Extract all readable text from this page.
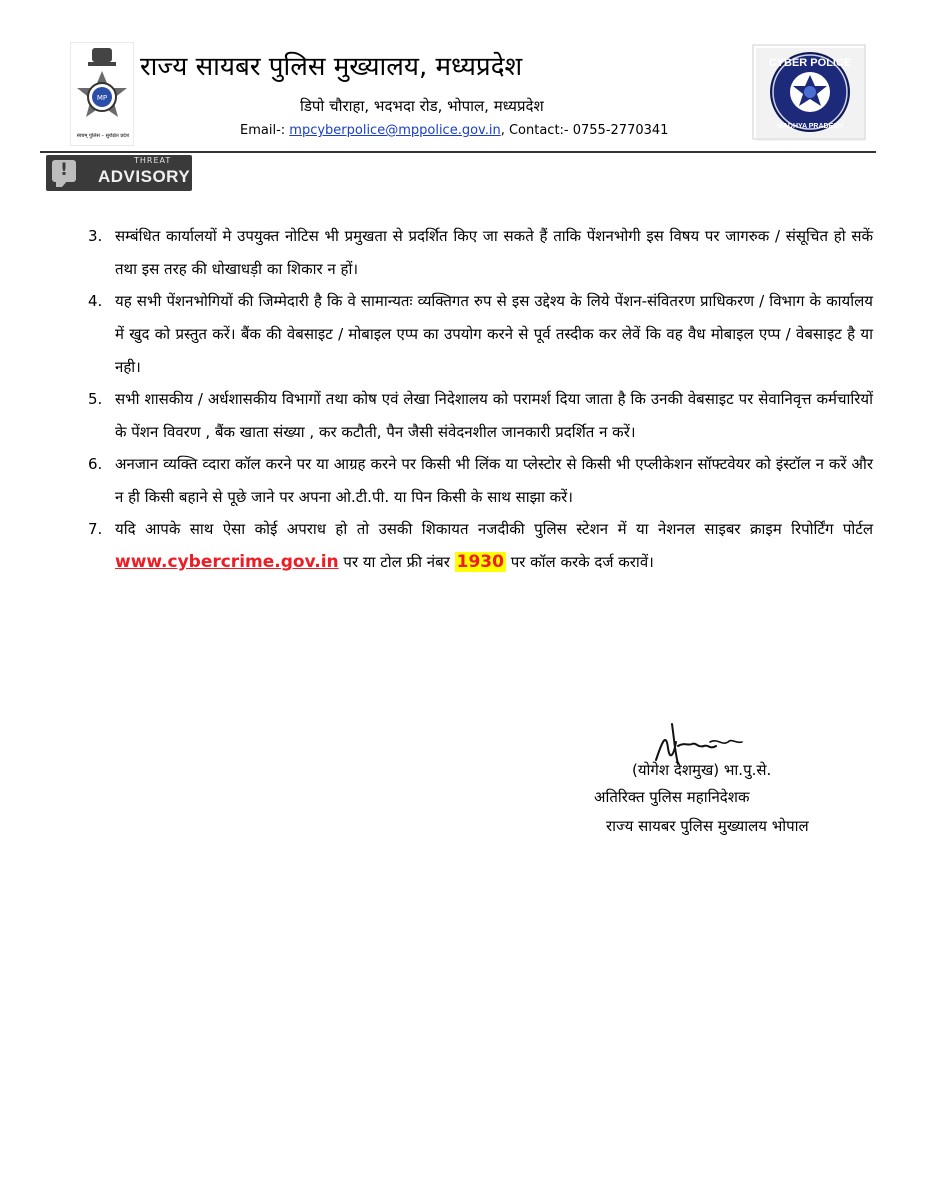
MP
स्वयम् पुलिस – सुरक्षित प्रदेश
राज्य सायबर पुलिस मुख्यालय, मध्यप्रदेश
डिपो चौराहा, भदभदा रोड, भोपाल, मध्यप्रदेश
Email-: mpcyberpolice@mppolice.gov.in, Contact:- 0755-2770341
CYBER POLICE
MADHYA PRADESH
!	THREAT
ADVISORY
3. सम्बंधित कार्यालयों मे उपयुक्त नोटिस भी प्रमुखता से प्रदर्शित किए जा सकते हैं ताकि पेंशनभोगी इस विषय पर जागरुक / संसूचित हो सकें तथा इस तरह की धोखाधड़ी का शिकार न हों।
4. यह सभी पेंशनभोगियों की जिम्मेदारी है कि वे सामान्यतः व्यक्तिगत रुप से इस उद्देश्य के लिये पेंशन-संवितरण प्राधिकरण / विभाग के कार्यालय में खुद को प्रस्तुत करें। बैंक की वेबसाइट / मोबाइल एप्प का उपयोग करने से पूर्व तस्दीक कर लेवें कि वह वैध मोबाइल एप्प / वेबसाइट है या नही।
5. सभी शासकीय / अर्धशासकीय विभागों तथा कोष एवं लेखा निदेशालय को परामर्श दिया जाता है कि उनकी वेबसाइट पर सेवानिवृत्त कर्मचारियों के पेंशन विवरण , बैंक खाता संख्या , कर कटौती, पैन जैसी संवेदनशील जानकारी प्रदर्शित न करें।
6. अनजान व्यक्ति व्दारा कॉल करने पर या आग्रह करने पर किसी भी लिंक या प्लेस्टोर से किसी भी एप्लीकेशन सॉफ्टवेयर को इंस्टॉल न करें और न ही किसी बहाने से पूछे जाने पर अपना ओ.टी.पी. या पिन किसी के साथ साझा करें।
7. यदि आपके साथ ऐसा कोई अपराध हो तो उसकी शिकायत नजदीकी पुलिस स्टेशन में या नेशनल साइबर क्राइम रिपोर्टिंग पोर्टल www.cybercrime.gov.in पर या टोल फ्री नंबर 1930 पर कॉल करके दर्ज करावें।
(योगेश देशमुख) भा.पु.से.
अतिरिक्त पुलिस महानिदेशक
राज्य सायबर पुलिस मुख्यालय भोपाल
